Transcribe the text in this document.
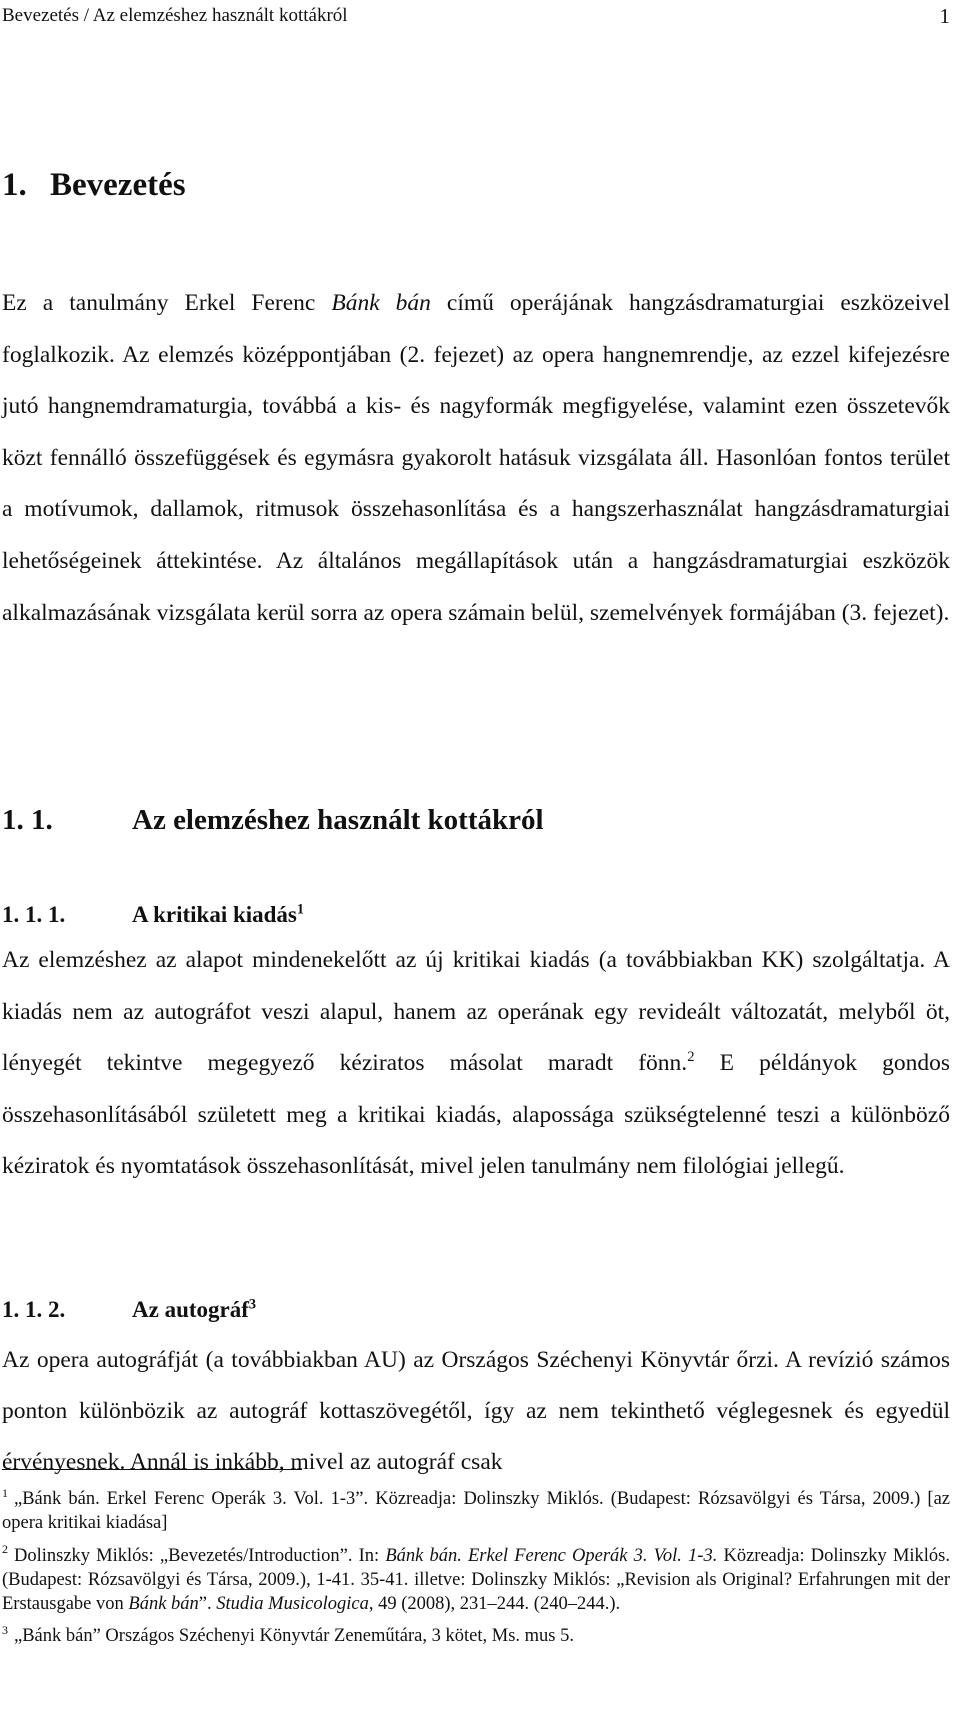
Bevezetés / Az elemzéshez használt kottákról	1
1. Bevezetés

Ez a tanulmány Erkel Ferenc Bánk bán című operájának hangzásdramaturgiai eszközeivel foglalkozik. Az elemzés középpontjában (2. fejezet) az opera hangnemrendje, az ezzel kifejezésre jutó hangnemdramaturgia, továbbá a kis- és nagyformák megfigyelése, valamint ezen összetevők közt fennálló összefüggések és egymásra gyakorolt hatásuk vizsgálata áll. Hasonlóan fontos terület a motívumok, dallamok, ritmusok összehasonlítása és a hangszerhasználat hangzásdramaturgiai lehetőségeinek áttekintése. Az általános megállapítások után a hangzásdramaturgiai eszközök alkalmazásának vizsgálata kerül sorra az opera számain belül, szemelvények formájában (3. fejezet).

1. 1.	Az elemzéshez használt kottákról
1. 1. 1.	A kritikai kiadás$^1$

Az elemzéshez az alapot mindenekelőtt az új kritikai kiadás (a továbbiakban KK) szolgáltatja. A kiadás nem az autográfot veszi alapul, hanem az operának egy revideált változatát, melyből öt, lényegét tekintve megegyező kéziratos másolat maradt fönn.$^2$ E példányok gondos összehasonlításából született meg a kritikai kiadás, alapossága szükségtelenné teszi a különböző kéziratok és nyomtatások összehasonlítását, mivel jelen tanulmány nem filológiai jellegű.

1. 1. 2.	Az autográf$^3$

Az opera autográfját (a továbbiakban AU) az Országos Széchenyi Könyvtár őrzi. A revízió számos ponton különbözik az autográf kottaszövegétől, így az nem tekinthető véglegesnek és egyedül érvényesnek. Annál is inkább, mivel az autográf csak

$^1$ „Bánk bán. Erkel Ferenc Operák 3. Vol. 1-3”. Közreadja: Dolinszky Miklós. (Budapest: Rózsavölgyi és Társa, 2009.) [az opera kritikai kiadása]

$^2$ Dolinszky Miklós: „Bevezetés/Introduction”. In: Bánk bán. Erkel Ferenc Operák 3. Vol. 1-3. Közreadja: Dolinszky Miklós. (Budapest: Rózsavölgyi és Társa, 2009.), 1-41. 35-41. illetve: Dolinszky Miklós: „Revision als Original? Erfahrungen mit der Erstausgabe von Bánk bán”. Studia Musicologica, 49 (2008), 231–244. (240–244.).

$^3$ „Bánk bán” Országos Széchenyi Könyvtár Zeneműtára, 3 kötet, Ms. mus 5.
